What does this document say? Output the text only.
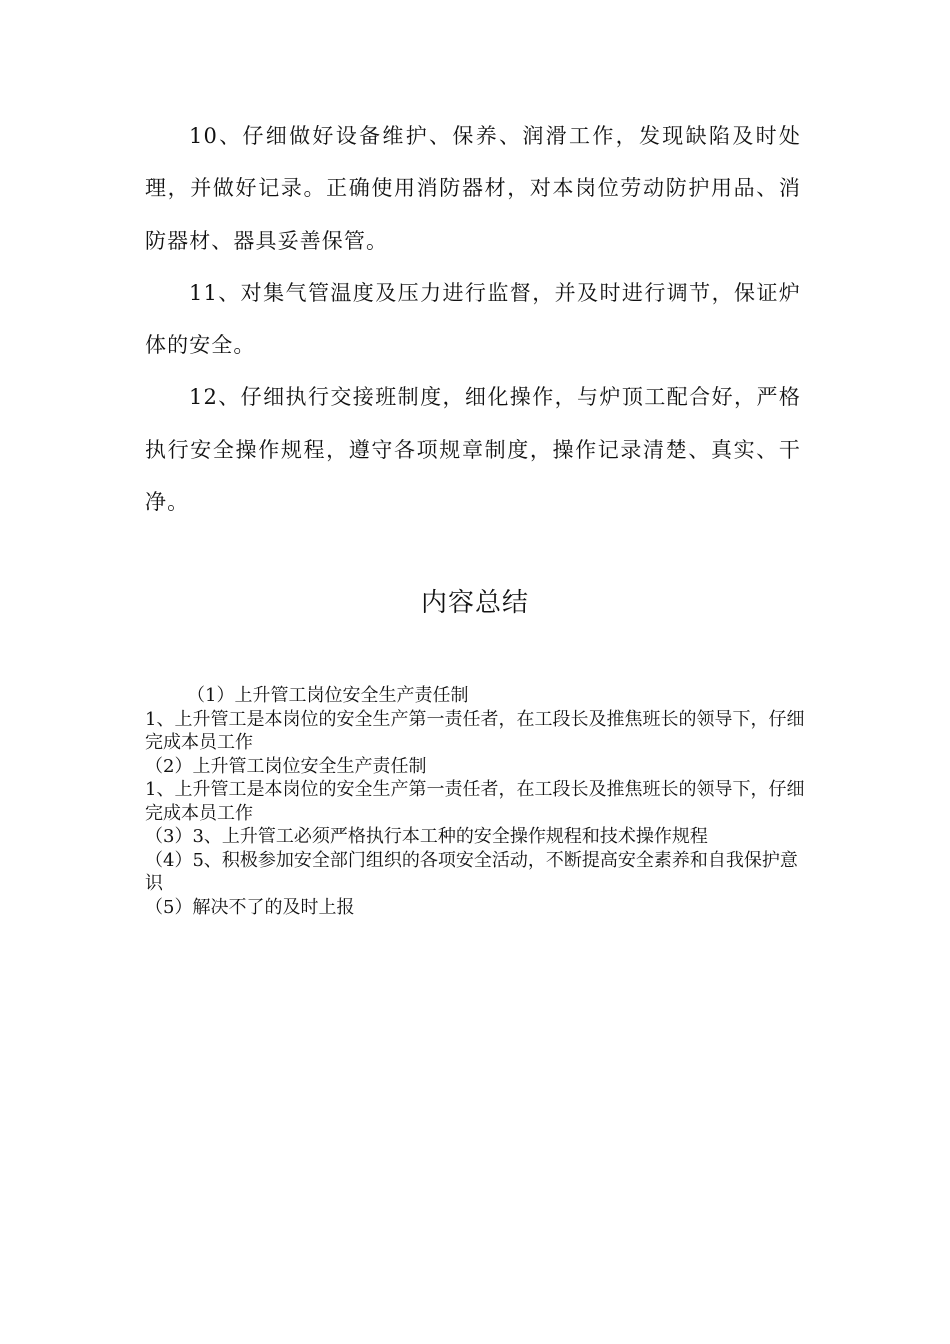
10、仔细做好设备维护、保养、润滑工作，发现缺陷及时处理，并做好记录。正确使用消防器材，对本岗位劳动防护用品、消防器材、器具妥善保管。

11、对集气管温度及压力进行监督，并及时进行调节，保证炉体的安全。

12、仔细执行交接班制度，细化操作，与炉顶工配合好，严格执行安全操作规程，遵守各项规章制度，操作记录清楚、真实、干净。

内容总结

（1）上升管工岗位安全生产责任制

1、上升管工是本岗位的安全生产第一责任者，在工段长及推焦班长的领导下，仔细完成本员工作

（2）上升管工岗位安全生产责任制

1、上升管工是本岗位的安全生产第一责任者，在工段长及推焦班长的领导下，仔细完成本员工作

（3）3、上升管工必须严格执行本工种的安全操作规程和技术操作规程

（4）5、积极参加安全部门组织的各项安全活动，不断提高安全素养和自我保护意识

（5）解决不了的及时上报
